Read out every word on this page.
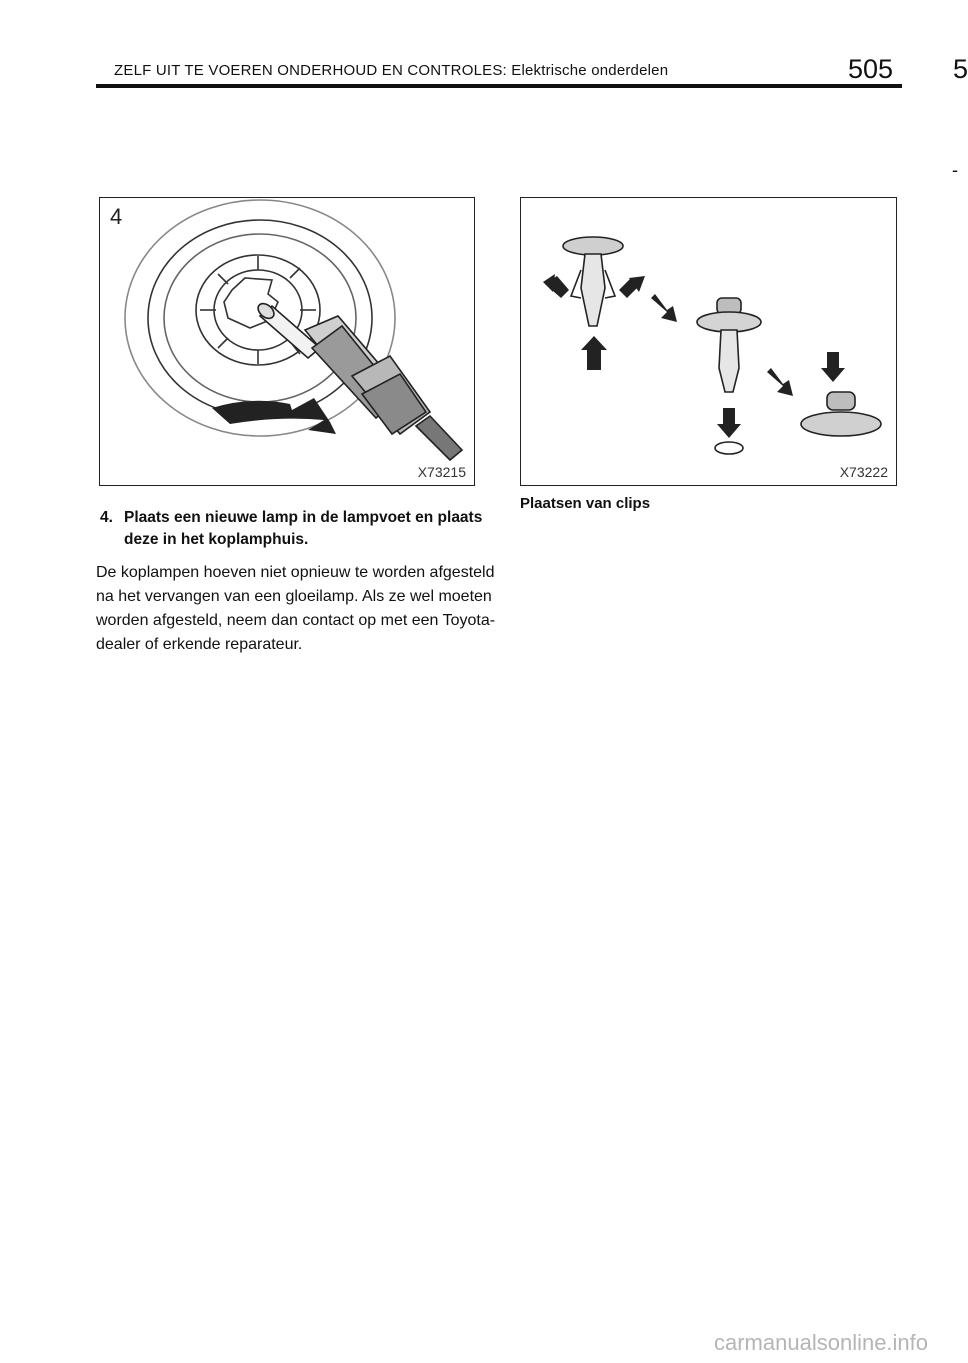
ZELF UIT TE VOEREN ONDERHOUD EN CONTROLES: Elektrische onderdelen	505 5
-
4
X73215	X73222
Plaatsen van clips
4. Plaats een nieuwe lamp in de lampvoet en plaats deze in het koplamphuis.

De koplampen hoeven niet opnieuw te worden afgesteld na het vervangen van een gloeilamp. Als ze wel moeten worden afgesteld, neem dan contact op met een Toyota-dealer of erkende reparateur.

carmanualsonline.info
